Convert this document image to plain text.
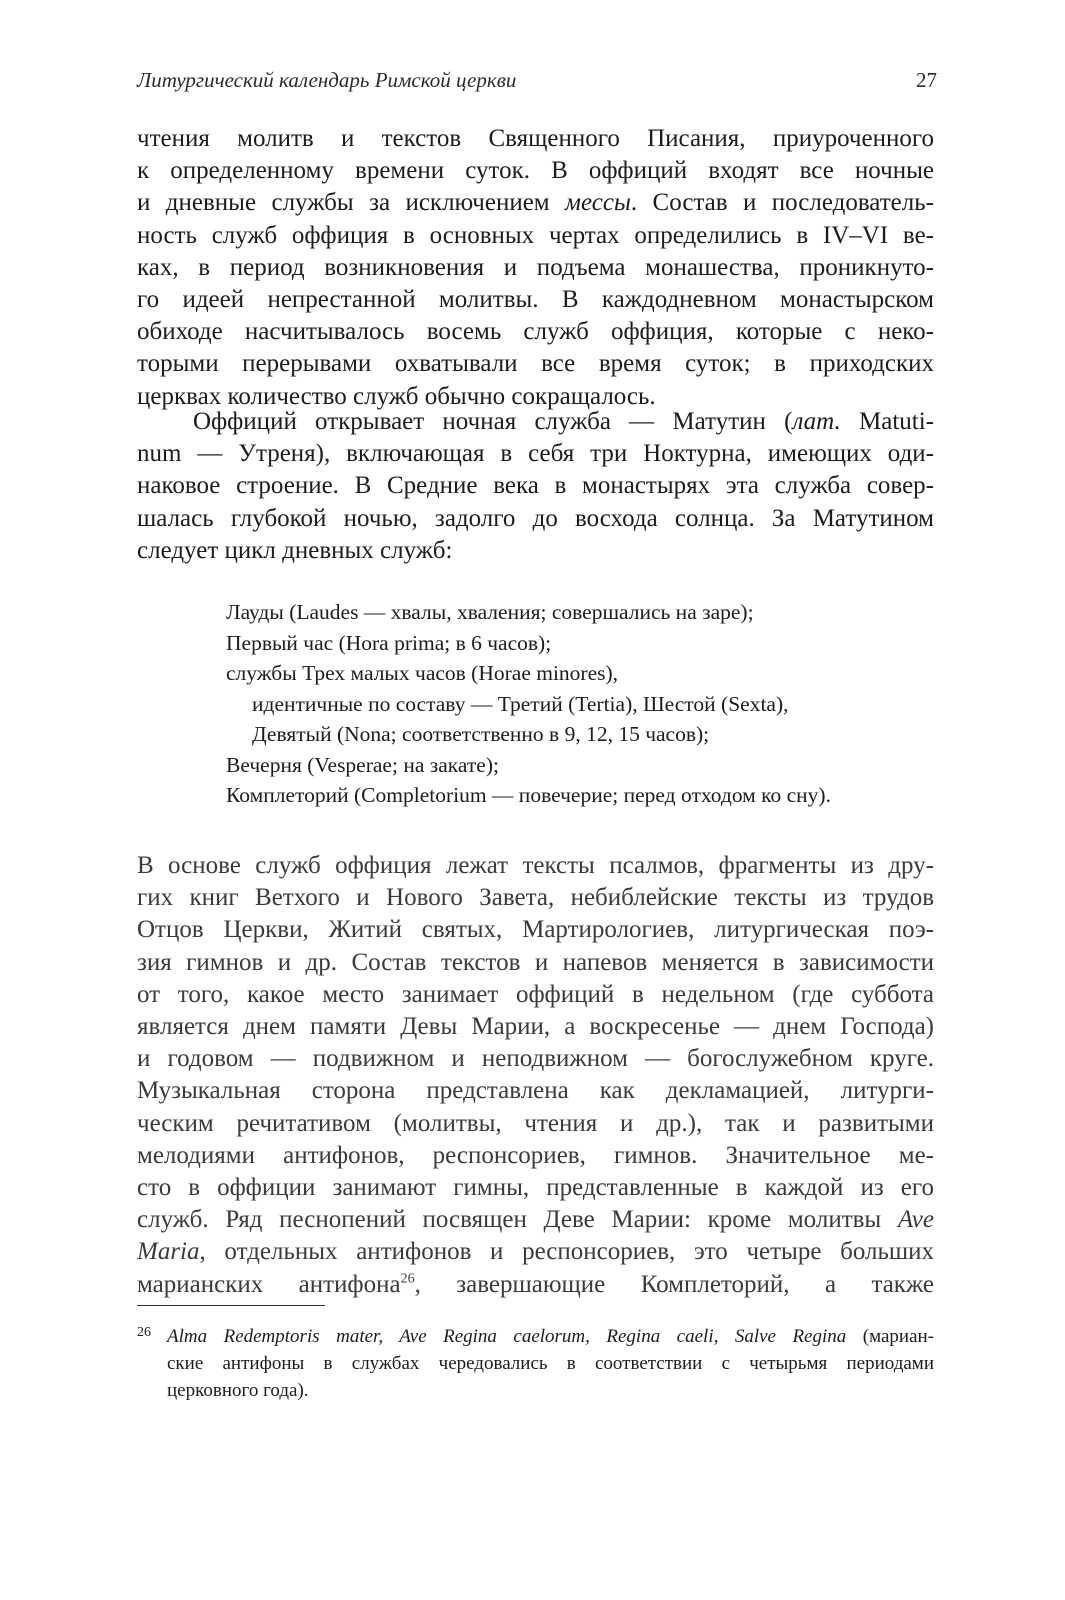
Литургический календарь Римской церкви	27
чтения молитв и текстов Священного Писания, приуроченного
к определенному времени суток. В оффиций входят все ночные
и дневные службы за исключением мессы. Состав и последователь-
ность служб оффиция в основных чертах определились в IV–VI ве-
ках, в период возникновения и подъема монашества, проникнуто-
го идеей непрестанной молитвы. В каждодневном монастырском
обиходе насчитывалось восемь служб оффиция, которые с неко-
торыми перерывами охватывали все время суток; в приходских
церквах количество служб обычно сокращалось.
Оффиций открывает ночная служба — Матутин (лат. Matuti-
num — Утреня), включающая в себя три Ноктурна, имеющих оди-
наковое строение. В Средние века в монастырях эта служба совер-
шалась глубокой ночью, задолго до восхода солнца. За Матутином
следует цикл дневных служб:
Лауды (Laudes — хвалы, хваления; совершались на заре);
Первый час (Hora prima; в 6 часов);
службы Трех малых часов (Horae minores),
идентичные по составу — Третий (Tertia), Шестой (Sexta),
Девятый (Nona; соответственно в 9, 12, 15 часов);
Вечерня (Vesperae; на закате);
Комплеторий (Completorium — повечерие; перед отходом ко сну).
В основе служб оффиция лежат тексты псалмов, фрагменты из дру-
гих книг Ветхого и Нового Завета, небиблейские тексты из трудов
Отцов Церкви, Житий святых, Мартирологиев, литургическая поэ-
зия гимнов и др. Состав текстов и напевов меняется в зависимости
от того, какое место занимает оффиций в недельном (где суббота
является днем памяти Девы Марии, а воскресенье — днем Господа)
и годовом — подвижном и неподвижном — богослужебном круге.
Музыкальная сторона представлена как декламацией, литурги-
ческим речитативом (молитвы, чтения и др.), так и развитыми
мелодиями антифонов, респонсориев, гимнов. Значительное ме-
сто в оффиции занимают гимны, представленные в каждой из его
служб. Ряд песнопений посвящен Деве Марии: кроме молитвы Ave
Maria, отдельных антифонов и респонсориев, это четыре больших
марианских антифона$^{26}$, завершающие Комплеторий, а также
26 Alma Redemptoris mater, Ave Regina caelorum, Regina caeli, Salve Regina (мариан-
ские антифоны в службах чередовались в соответствии с четырьмя периодами
церковного года).
